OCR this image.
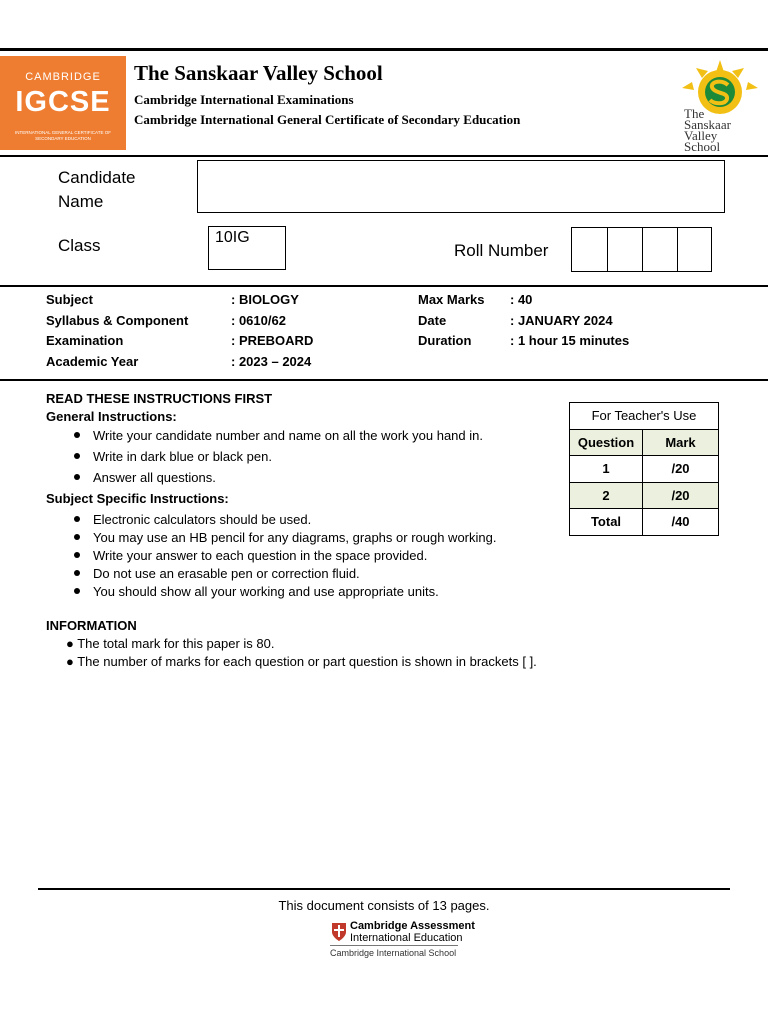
CAMBRIDGE
IGCSE
INTERNATIONAL GENERAL CERTIFICATE OF SECONDARY EDUCATION
The Sanskaar Valley School
Cambridge International Examinations
Cambridge International General Certificate of Secondary Education	The
Sanskaar
Valley
School
Candidate
Name
Class	10IG
Roll Number
Subject	: BIOLOGY
Syllabus & Component	: 0610/62
Examination	: PREBOARD
Academic Year	: 2023 – 2024
Max Marks : 40
Date	: JANUARY 2024
Duration	: 1 hour 15 minutes
READ THESE INSTRUCTIONS FIRST
General Instructions:
Write your candidate number and name on all the work you hand in.
Write in dark blue or black pen.
Answer all questions.
Subject Specific Instructions:
Electronic calculators should be used.
You may use an HB pencil for any diagrams, graphs or rough working.
Write your answer to each question in the space provided.
Do not use an erasable pen or correction fluid.
You should show all your working and use appropriate units.
INFORMATION
● The total mark for this paper is 80.
● The number of marks for each question or part question is shown in brackets [ ].
For Teacher's Use	
Question	Mark
1	/20
2	/20
Total	/40
This document consists of 13 pages.
Cambridge Assessment
International Education
Cambridge International School
